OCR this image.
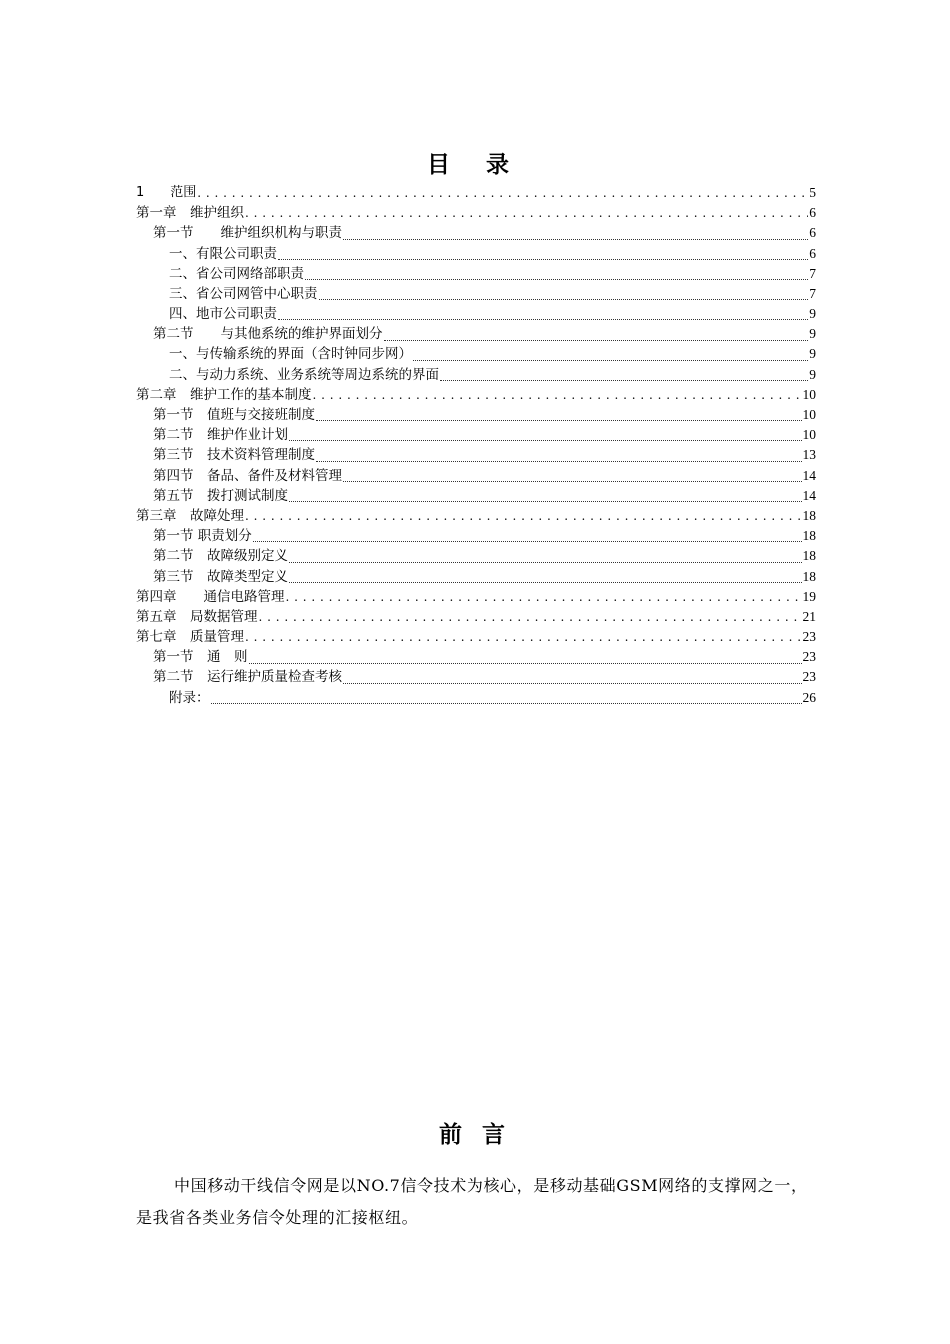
目 录
1　　范围 . . .	5
第一章　维护组织 . . .	6
第一节　　维护组织机构与职责	6
一、有限公司职责	6
二、省公司网络部职责	7
三、省公司网管中心职责	7
四、地市公司职责	9
第二节　　与其他系统的维护界面划分	9
一、与传输系统的界面（含时钟同步网）	9
二、与动力系统、业务系统等周边系统的界面	9
第二章　维护工作的基本制度 . . .	10
第一节　值班与交接班制度	10
第二节　维护作业计划	10
第三节　技术资料管理制度	13
第四节　备品、备件及材料管理	14
第五节　拨打测试制度	14
第三章　故障处理 . . .	18
第一节 职责划分	18
第二节　故障级别定义	18
第三节　故障类型定义	18
第四章　　通信电路管理 . . .	19
第五章　局数据管理 . . .	21
第七章　质量管理 . . .	23
第一节　通　则	23
第二节　运行维护质量检查考核	23
附录：	26
前 言

中国移动干线信令网是以NO.7信令技术为核心，是移动基础GSM网络的支撑网之一，是我省各类业务信令处理的汇接枢纽。
